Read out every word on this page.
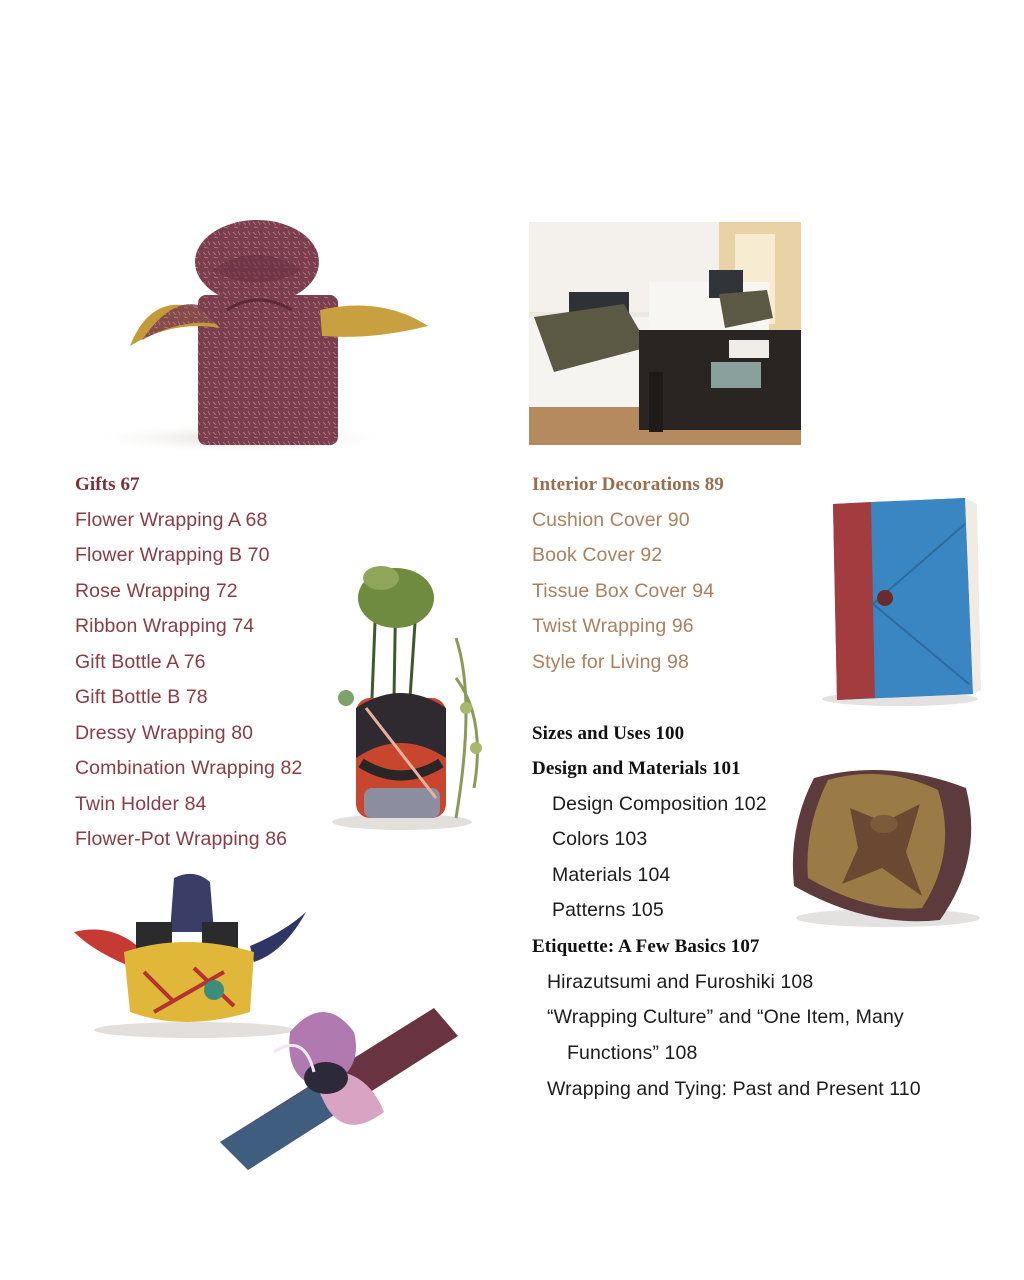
Gifts 67
Flower Wrapping A 68
Flower Wrapping B 70
Rose Wrapping 72
Ribbon Wrapping 74
Gift Bottle A 76
Gift Bottle B 78
Dressy Wrapping 80
Combination Wrapping 82
Twin Holder 84
Flower-Pot Wrapping 86
Interior Decorations 89
Cushion Cover 90
Book Cover 92
Tissue Box Cover 94
Twist Wrapping 96
Style for Living 98
Sizes and Uses 100
Design and Materials 101
Design Composition 102
Colors 103
Materials 104
Patterns 105
Etiquette: A Few Basics 107
Hirazutsumi and Furoshiki 108
“Wrapping Culture” and “One Item, Many
Functions” 108
Wrapping and Tying: Past and Present 110
